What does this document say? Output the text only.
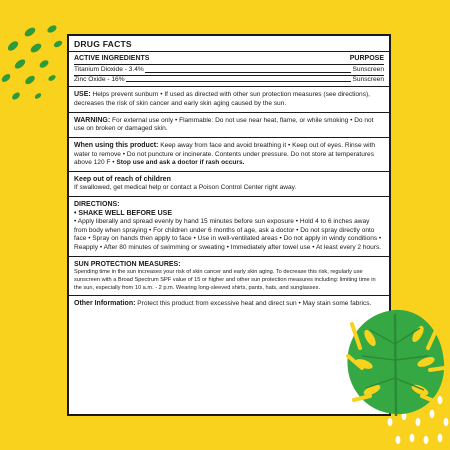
DRUG FACTS
ACTIVE INGREDIENTS	PURPOSE
Titanium Dioxide - 3.4%	Sunscreen
Zinc Oxide - 16%	Sunscreen
USE: Helps prevent sunburn • If used as directed with other sun protection measures (see directions), decreases the risk of skin cancer and early skin aging caused by the sun.
WARNING: For external use only • Flammable: Do not use near heat, flame, or while smoking • Do not use on broken or damaged skin.
When using this product: Keep away from face and avoid breathing it • Keep out of eyes. Rinse with water to remove • Do not puncture or incinerate. Contents under pressure. Do not store at temperatures above 120 F • Stop use and ask a doctor if rash occurs.
Keep out of reach of children
If swallowed, get medical help or contact a Poison Control Center right away.
DIRECTIONS:
• SHAKE WELL BEFORE USE
• Apply liberally and spread evenly by hand 15 minutes before sun exposure • Hold 4 to 6 inches away from body when spraying • For children under 6 months of age, ask a doctor • Do not spray directly onto face • Spray on hands then apply to face • Use in well-ventilated areas • Do not apply in windy conditions • Reapply • After 80 minutes of swimming or sweating • Immediately after towel use • At least every 2 hours.
SUN PROTECTION MEASURES:
Spending time in the sun increases your risk of skin cancer and early skin aging. To decrease this risk, regularly use sunscreen with a Broad Spectrum SPF value of 15 or higher and other sun protection measures including: limiting time in the sun, especially from 10 a.m. - 2 p.m. Wearing long-sleeved shirts, pants, hats, and sunglasses.
Other Information: Protect this product from excessive heat and direct sun • May stain some fabrics.
